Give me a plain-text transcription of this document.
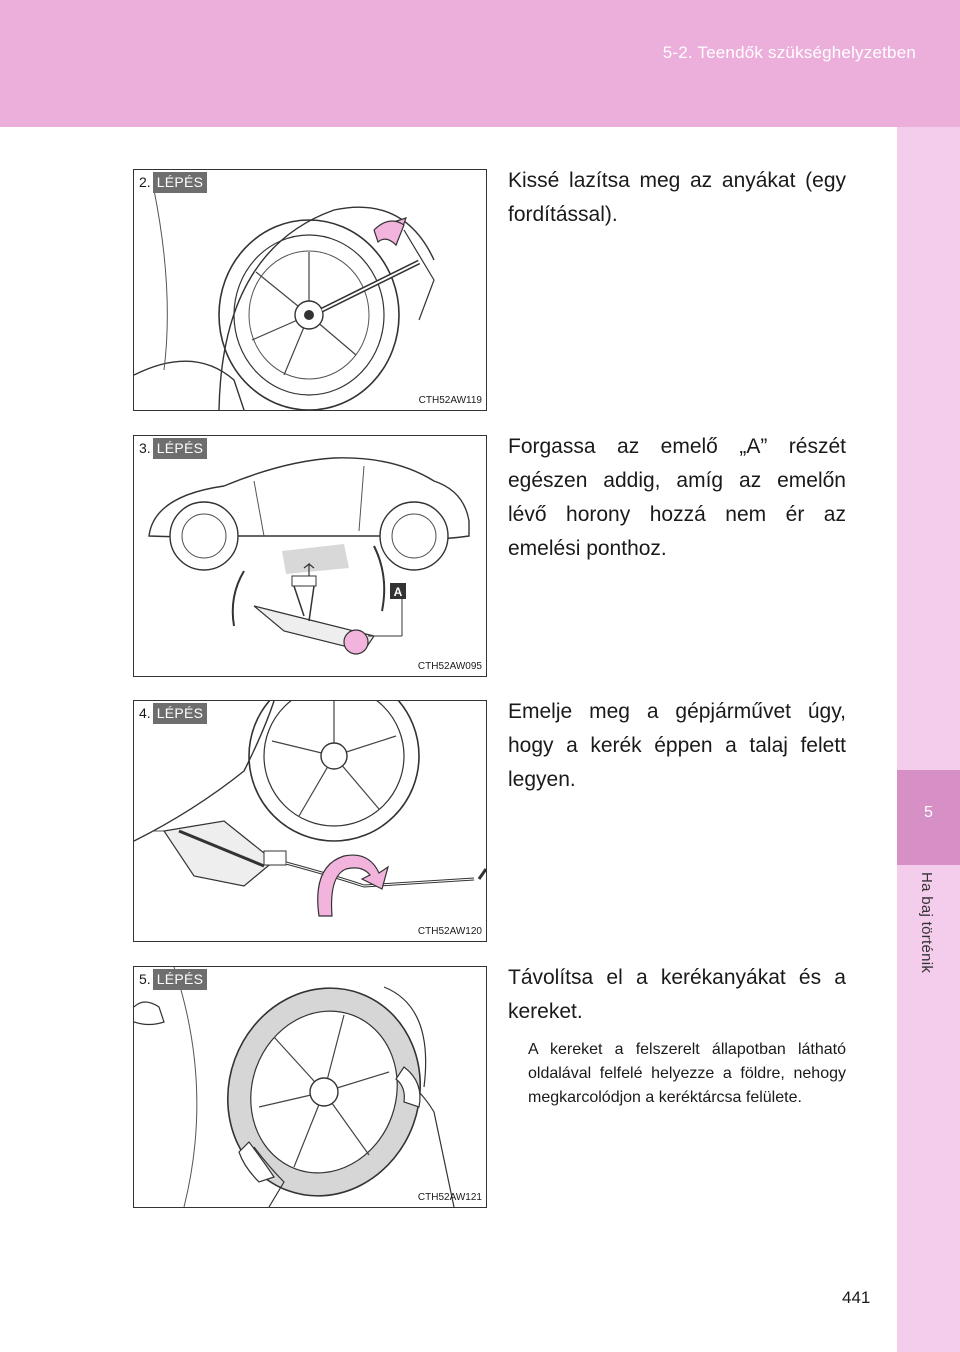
5-2. Teendők szükséghelyzetben
5
Ha baj történik
2. LÉPÉS
CTH52AW119
Kissé lazítsa meg az anyákat (egy fordítással).
A
3. LÉPÉS
CTH52AW095
Forgassa az emelő „A” részét egészen addig, amíg az emelőn lévő horony hozzá nem ér az emelési ponthoz.
4. LÉPÉS
CTH52AW120
Emelje meg a gépjárművet úgy, hogy a kerék éppen a talaj felett legyen.
5. LÉPÉS
CTH52AW121
Távolítsa el a kerékanyákat és a kereket.
A kereket a felszerelt állapotban látható oldalával felfelé helyezze a földre, nehogy megkarcolódjon a keréktárcsa felülete.
441
